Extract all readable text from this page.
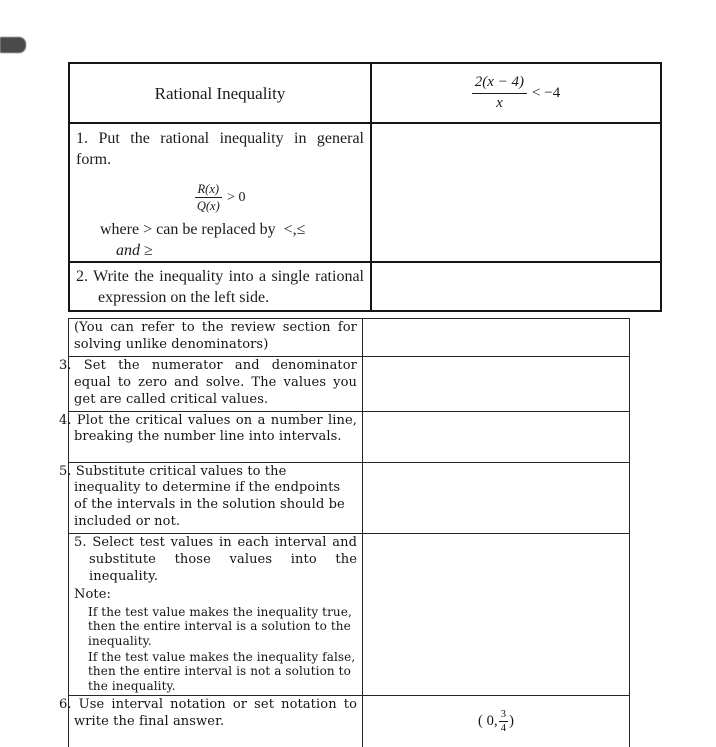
Rational Inequality	$\frac{2(x - 4)}{x} < -4$
1. Put the rational inequality in general form.
$\frac{R(x)}{Q(x)} > 0$
where > can be replaced by  <,≤
and ≥
2. Write the inequality into a single rational expression on the left side.
(You can refer to the review section for solving unlike denominators)
3. Set the numerator and denominator equal to zero and solve. The values you get are called critical values.
4. Plot the critical values on a number line, breaking the number line into intervals.
5. Substitute critical values to the inequality to determine if the endpoints of the intervals in the solution should be included or not.
5. Select test values in each interval and substitute those values into the inequality.
Note:
If the test value makes the inequality true, then the entire interval is a solution to the inequality.
If the test value makes the inequality false, then the entire interval is not a solution to the inequality.
6. Use interval notation or set notation to write the final answer.	( 0, $\frac{3}{4}$ )
